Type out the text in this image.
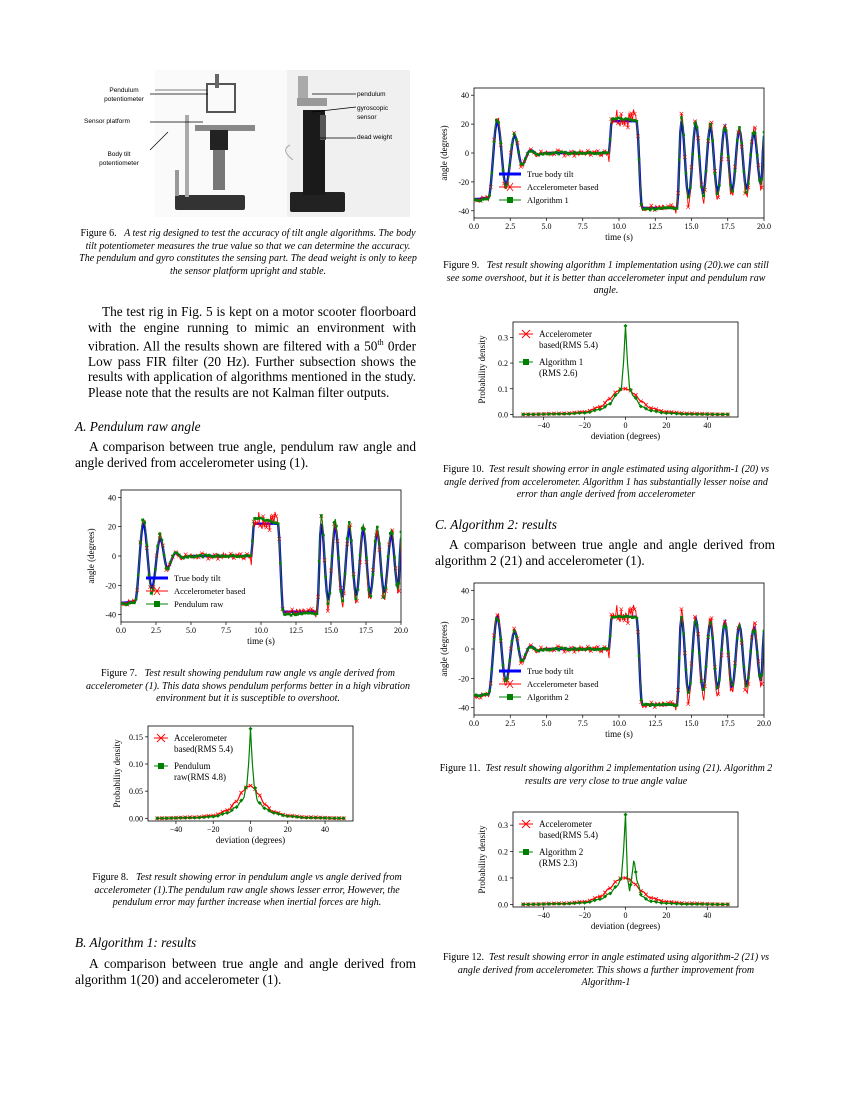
Pendulum
potentiometer
Sensor platform
Body tilt
potentiometer
pendulum
gyroscopic
sensor
dead weight
Figure 6. A test rig designed to test the accuracy of tilt angle algorithms. The body tilt potentiometer measures the true value so that we can determine the accuracy. The pendulum and gyro constitutes the sensing part. The dead weight is only to keep the sensor platform upright and stable.
The test rig in Fig. 5 is kept on a motor scooter floorboard with the engine running to mimic an environment with vibration. All the results shown are filtered with a 50th 0rder Low pass FIR filter (20 Hz). Further subsection shows the results with application of algorithms mentioned in the study. Please note that the results are not Kalman filter outputs.
A. Pendulum raw angle
A comparison between true angle, pendulum raw angle and angle derived from accelerometer using (1).
0.0	2.5	5.0	7.5	10.0	12.5	15.0	17.5	20.0
40
20
0
-20
-40
time (s)
angle (degrees)	True body tilt
Accelerometer based
Pendulum raw
Figure 7. Test result showing pendulum raw angle vs angle derived from accelerometer (1). This data shows pendulum performs better in a high vibration environment but it is susceptible to overshoot.
−40	−20	0	20	40
0.15
0.10
0.05
0.00
deviation (degrees)
Probability density
Accelerometer
based(RMS 5.4)
Pendulum
raw(RMS 4.8)
Figure 8. Test result showing error in pendulum angle vs angle derived from accelerometer (1).The pendulum raw angle shows lesser error, However, the pendulum error may further increase when inertial forces are high.
B. Algorithm 1: results
A comparison between true angle and angle derived from algorithm 1(20) and accelerometer (1).
0.0	2.5	5.0	7.5	10.0	12.5	15.0	17.5	20.0
40
20
0
-20
-40
time (s)
angle (degrees)	True body tilt
Accelerometer based
Algorithm 1
Figure 9. Test result showing algorithm 1 implementation using (20).we can still see some overshoot, but it is better than accelerometer input and pendulum raw angle.
−40	−20	0	20	40
0.3
0.2
0.1
0.0
deviation (degrees)
Probability density
Accelerometer
based(RMS 5.4)
Algorithm 1
(RMS 2.6)
Figure 10. Test result showing error in angle estimated using algorithm-1 (20) vs angle derived from accelerometer. Algorithm 1 has substantially lesser noise and error than angle derived from accelerometer
C. Algorithm 2: results
A comparison between true angle and angle derived from algorithm 2 (21) and accelerometer (1).
0.0	2.5	5.0	7.5	10.0	12.5	15.0	17.5	20.0
40
20
0
-20
-40
time (s)
angle (degrees)	True body tilt
Accelerometer based
Algorithm 2
Figure 11. Test result showing algorithm 2 implementation using (21). Algorithm 2 results are very close to true angle value
−40	−20	0	20	40
0.3
0.2
0.1
0.0
deviation (degrees)
Probability density
Accelerometer
based(RMS 5.4)
Algorithm 2
(RMS 2.3)
Figure 12. Test result showing error in angle estimated using algorithm-2 (21) vs angle derived from accelerometer. This shows a further improvement from Algorithm-1
